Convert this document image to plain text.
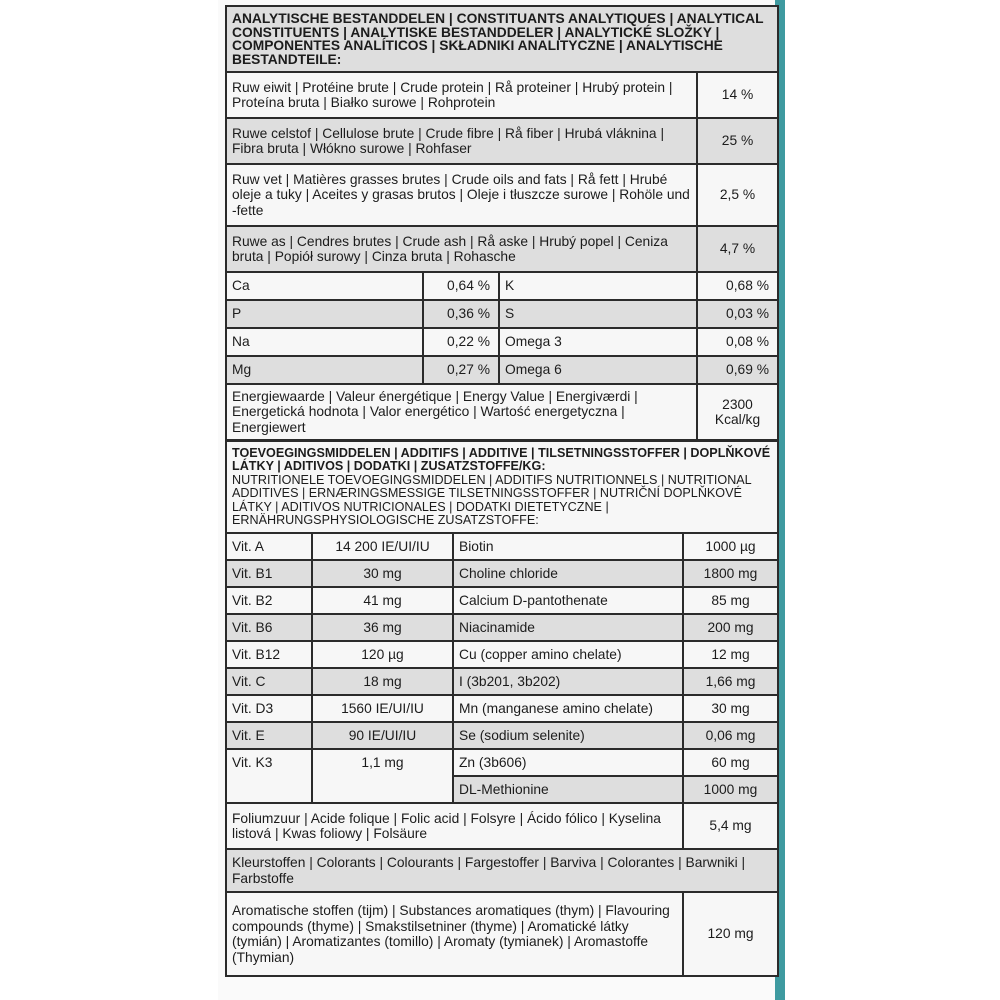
ANALYTISCHE BESTANDDELEN | CONSTITUANTS ANALYTIQUES | ANALYTICAL CONSTITUENTS | ANALYTISKE BESTANDDELER | ANALYTICKÉ SLOŽKY | COMPONENTES ANALÍTICOS | SKŁADNIKI ANALITYCZNE | ANALYTISCHE BESTANDTEILE:			
Ruw eiwit | Protéine brute | Crude protein | Rå proteiner | Hrubý protein | Proteína bruta | Białko surowe | Rohprotein			14 %
Ruwe celstof | Cellulose brute | Crude fibre | Rå fiber | Hrubá vláknina | Fibra bruta | Włókno surowe | Rohfaser			25 %
Ruw vet | Matières grasses brutes | Crude oils and fats | Rå fett | Hrubé oleje a tuky | Aceites y grasas brutos | Oleje i tłuszcze surowe | Rohöle und -fette			2,5 %
Ruwe as | Cendres brutes | Crude ash | Rå aske | Hrubý popel | Ceniza bruta | Popiół surowy | Cinza bruta | Rohasche			4,7 %
Ca	0,64 %	K	0,68 %
P	0,36 %	S	0,03 %
Na	0,22 %	Omega 3	0,08 %
Mg	0,27 %	Omega 6	0,69 %
Energiewaarde | Valeur énergétique | Energy Value | Energiværdi | Energetická hodnota | Valor energético | Wartość energetyczna | Energiewert			2300 Kcal/kg
TOEVOEGINGSMIDDELEN | ADDITIFS | ADDITIVE | TILSETNINGSSTOFFER | DOPLŇKOVÉ LÁTKY | ADITIVOS | DODATKI | ZUSATZSTOFFE/KG:
NUTRITIONELE TOEVOEGINGSMIDDELEN | ADDITIFS NUTRITIONNELS | NUTRITIONAL ADDITIVES | ERNÆRINGSMESSIGE TILSETNINGSSTOFFER | NUTRIČNÍ DOPLŇKOVÉ LÁTKY | ADITIVOS NUTRICIONALES | DODATKI DIETETYCZNE | ERNÄHRUNGSPHYSIOLOGISCHE ZUSATZSTOFFE:			

Vit. A	14 200 IE/UI/IU	Biotin	1000 µg
Vit. B1	30 mg	Choline chloride	1800 mg
Vit. B2	41 mg	Calcium D-pantothenate	85 mg
Vit. B6	36 mg	Niacinamide	200 mg
Vit. B12	120 µg	Cu (copper amino chelate)	12 mg
Vit. C	18 mg	I (3b201, 3b202)	1,66 mg
Vit. D3	1560 IE/UI/IU	Mn (manganese amino chelate)	30 mg
Vit. E	90 IE/UI/IU	Se (sodium selenite)	0,06 mg
Vit. K3	1,1 mg	Zn (3b606)	60 mg
		DL-Methionine	1000 mg
Foliumzuur | Acide folique | Folic acid | Folsyre | Ácido fólico | Kyselina listová | Kwas foliowy | Folsäure			5,4 mg
Kleurstoffen | Colorants | Colourants | Fargestoffer | Barviva | Colorantes | Barwniki | Farbstoffe			
Aromatische stoffen (tijm) | Substances aromatiques (thym) | Flavouring compounds (thyme) | Smakstilsetniner (thyme) | Aromatické látky (tymián) | Aromatizantes (tomillo) | Aromaty (tymianek) | Aromastoffe (Thymian)			120 mg
